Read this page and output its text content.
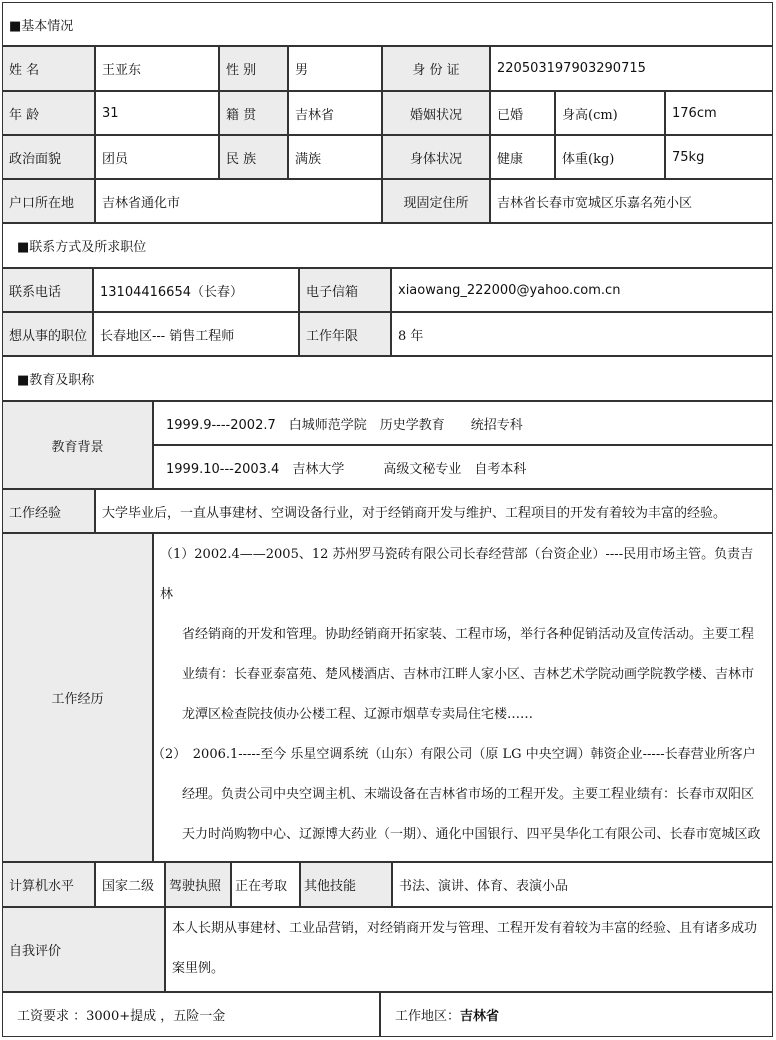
■基本情况
姓 名	王亚东	性 别	男	身 份 证	220503197903290715
年 龄	31	籍 贯	吉林省	婚姻状况	已婚	身高(cm)	176cm
政治面貌	团员	民 族	满族	身体状况	健康	体重(kg)	75kg
户口所在地	吉林省通化市	现固定住所	吉林省长春市宽城区乐嘉名苑小区
■联系方式及所求职位
联系电话	13104416654（长春）	电子信箱	xiaowang_222000@yahoo.com.cn
想从事的职位 长春地区--- 销售工程师	工作年限	8 年
■教育及职称
教育背景
1999.9----2002.7　白城师范学院　历史学教育　　统招专科
1999.10---2003.4　吉林大学　　　高级文秘专业　自考本科
工作经验	大学毕业后，一直从事建材、空调设备行业，对于经销商开发与维护、工程项目的开发有着较为丰富的经验。
工作经历

（1）2002.4——2005、12 苏州罗马瓷砖有限公司长春经营部（台资企业）----民用市场主管。负责吉林

省经销商的开发和管理。协助经销商开拓家装、工程市场，举行各种促销活动及宣传活动。主要工程业绩有：长春亚泰富苑、楚风楼酒店、吉林市江畔人家小区、吉林艺术学院动画学院教学楼、吉林市龙潭区检查院技侦办公楼工程、辽源市烟草专卖局住宅楼……

（2）　2006.1-----至今 乐星空调系统（山东）有限公司（原 LG 中央空调）韩资企业-----长春营业所客户

经理。负责公司中央空调主机、末端设备在吉林省市场的工程开发。主要工程业绩有：长春市双阳区天力时尚购物中心、辽源博大药业（一期）、通化中国银行、四平昊华化工有限公司、长春市宽城区政

计算机水平	国家二级	驾驶执照	正在考取	其他技能	书法、演讲、体育、表演小品
自我评价
本人长期从事建材、工业品营销，对经销商开发与管理、工程开发有着较为丰富的经验、且有诸多成功案里例。
工资要求 ：3000+提成 ，五险一金	工作地区： 吉林省
